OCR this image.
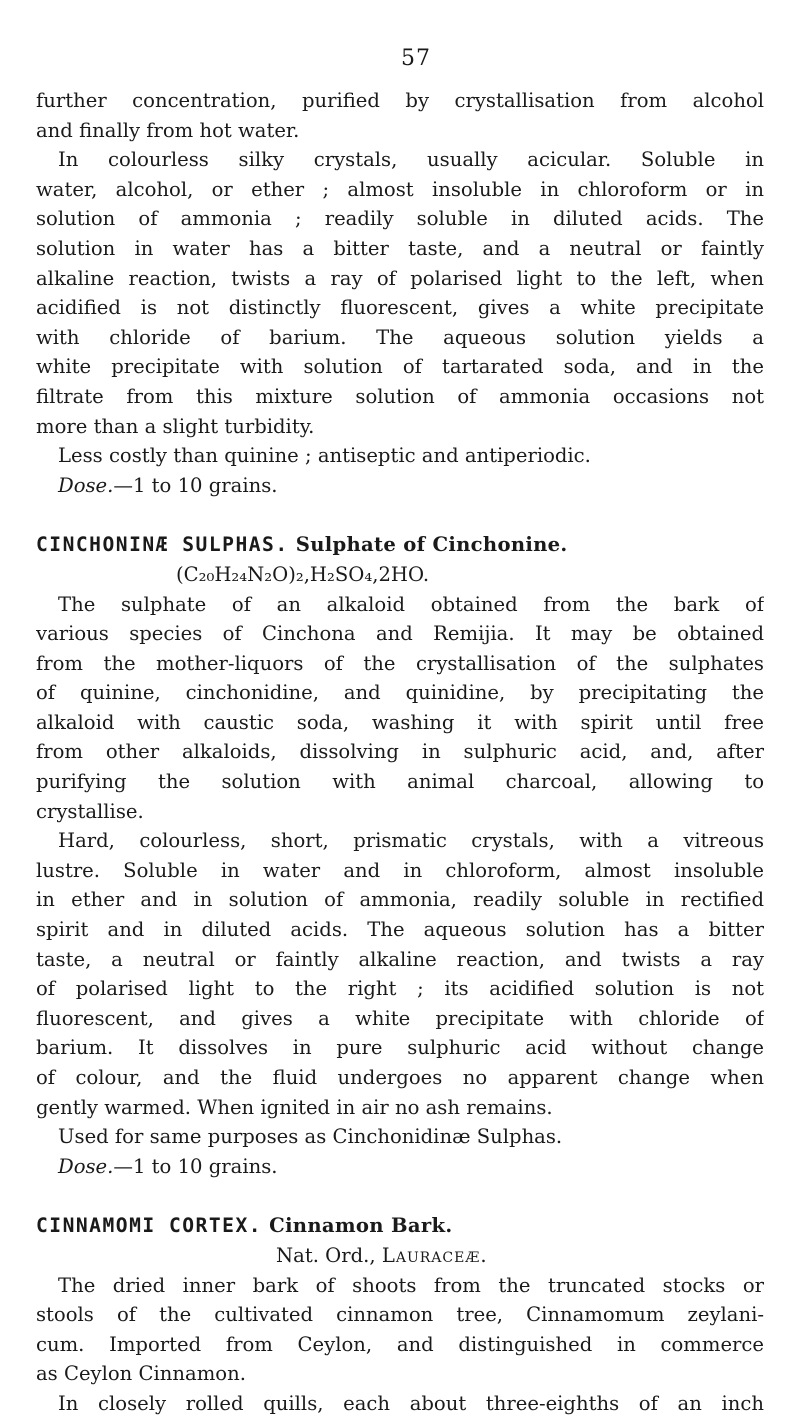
57
further concentration, purified by crystallisation from alcohol
and finally from hot water.
In colourless silky crystals, usually acicular. Soluble in
water, alcohol, or ether ; almost insoluble in chloroform or in
solution of ammonia ; readily soluble in diluted acids. The
solution in water has a bitter taste, and a neutral or faintly
alkaline reaction, twists a ray of polarised light to the left, when
acidified is not distinctly fluorescent, gives a white precipitate
with chloride of barium. The aqueous solution yields a
white precipitate with solution of tartarated soda, and in the
filtrate from this mixture solution of ammonia occasions not
more than a slight turbidity.
Less costly than quinine ; antiseptic and antiperiodic.
Dose.—1 to 10 grains.
CINCHONINÆ SULPHAS. Sulphate of Cinchonine.
(C₂₀H₂₄N₂O)₂,H₂SO₄,2HO.
The sulphate of an alkaloid obtained from the bark of
various species of Cinchona and Remijia. It may be obtained
from the mother-liquors of the crystallisation of the sulphates
of quinine, cinchonidine, and quinidine, by precipitating the
alkaloid with caustic soda, washing it with spirit until free
from other alkaloids, dissolving in sulphuric acid, and, after
purifying the solution with animal charcoal, allowing to
crystallise.
Hard, colourless, short, prismatic crystals, with a vitreous
lustre. Soluble in water and in chloroform, almost insoluble
in ether and in solution of ammonia, readily soluble in rectified
spirit and in diluted acids. The aqueous solution has a bitter
taste, a neutral or faintly alkaline reaction, and twists a ray
of polarised light to the right ; its acidified solution is not
fluorescent, and gives a white precipitate with chloride of
barium. It dissolves in pure sulphuric acid without change
of colour, and the fluid undergoes no apparent change when
gently warmed. When ignited in air no ash remains.
Used for same purposes as Cinchonidinæ Sulphas.
Dose.—1 to 10 grains.
CINNAMOMI CORTEX. Cinnamon Bark.
Nat. Ord., Lauraceæ.
The dried inner bark of shoots from the truncated stocks or
stools of the cultivated cinnamon tree, Cinnamomum zeylani-
cum. Imported from Ceylon, and distinguished in commerce
as Ceylon Cinnamon.
In closely rolled quills, each about three-eighths of an inch
